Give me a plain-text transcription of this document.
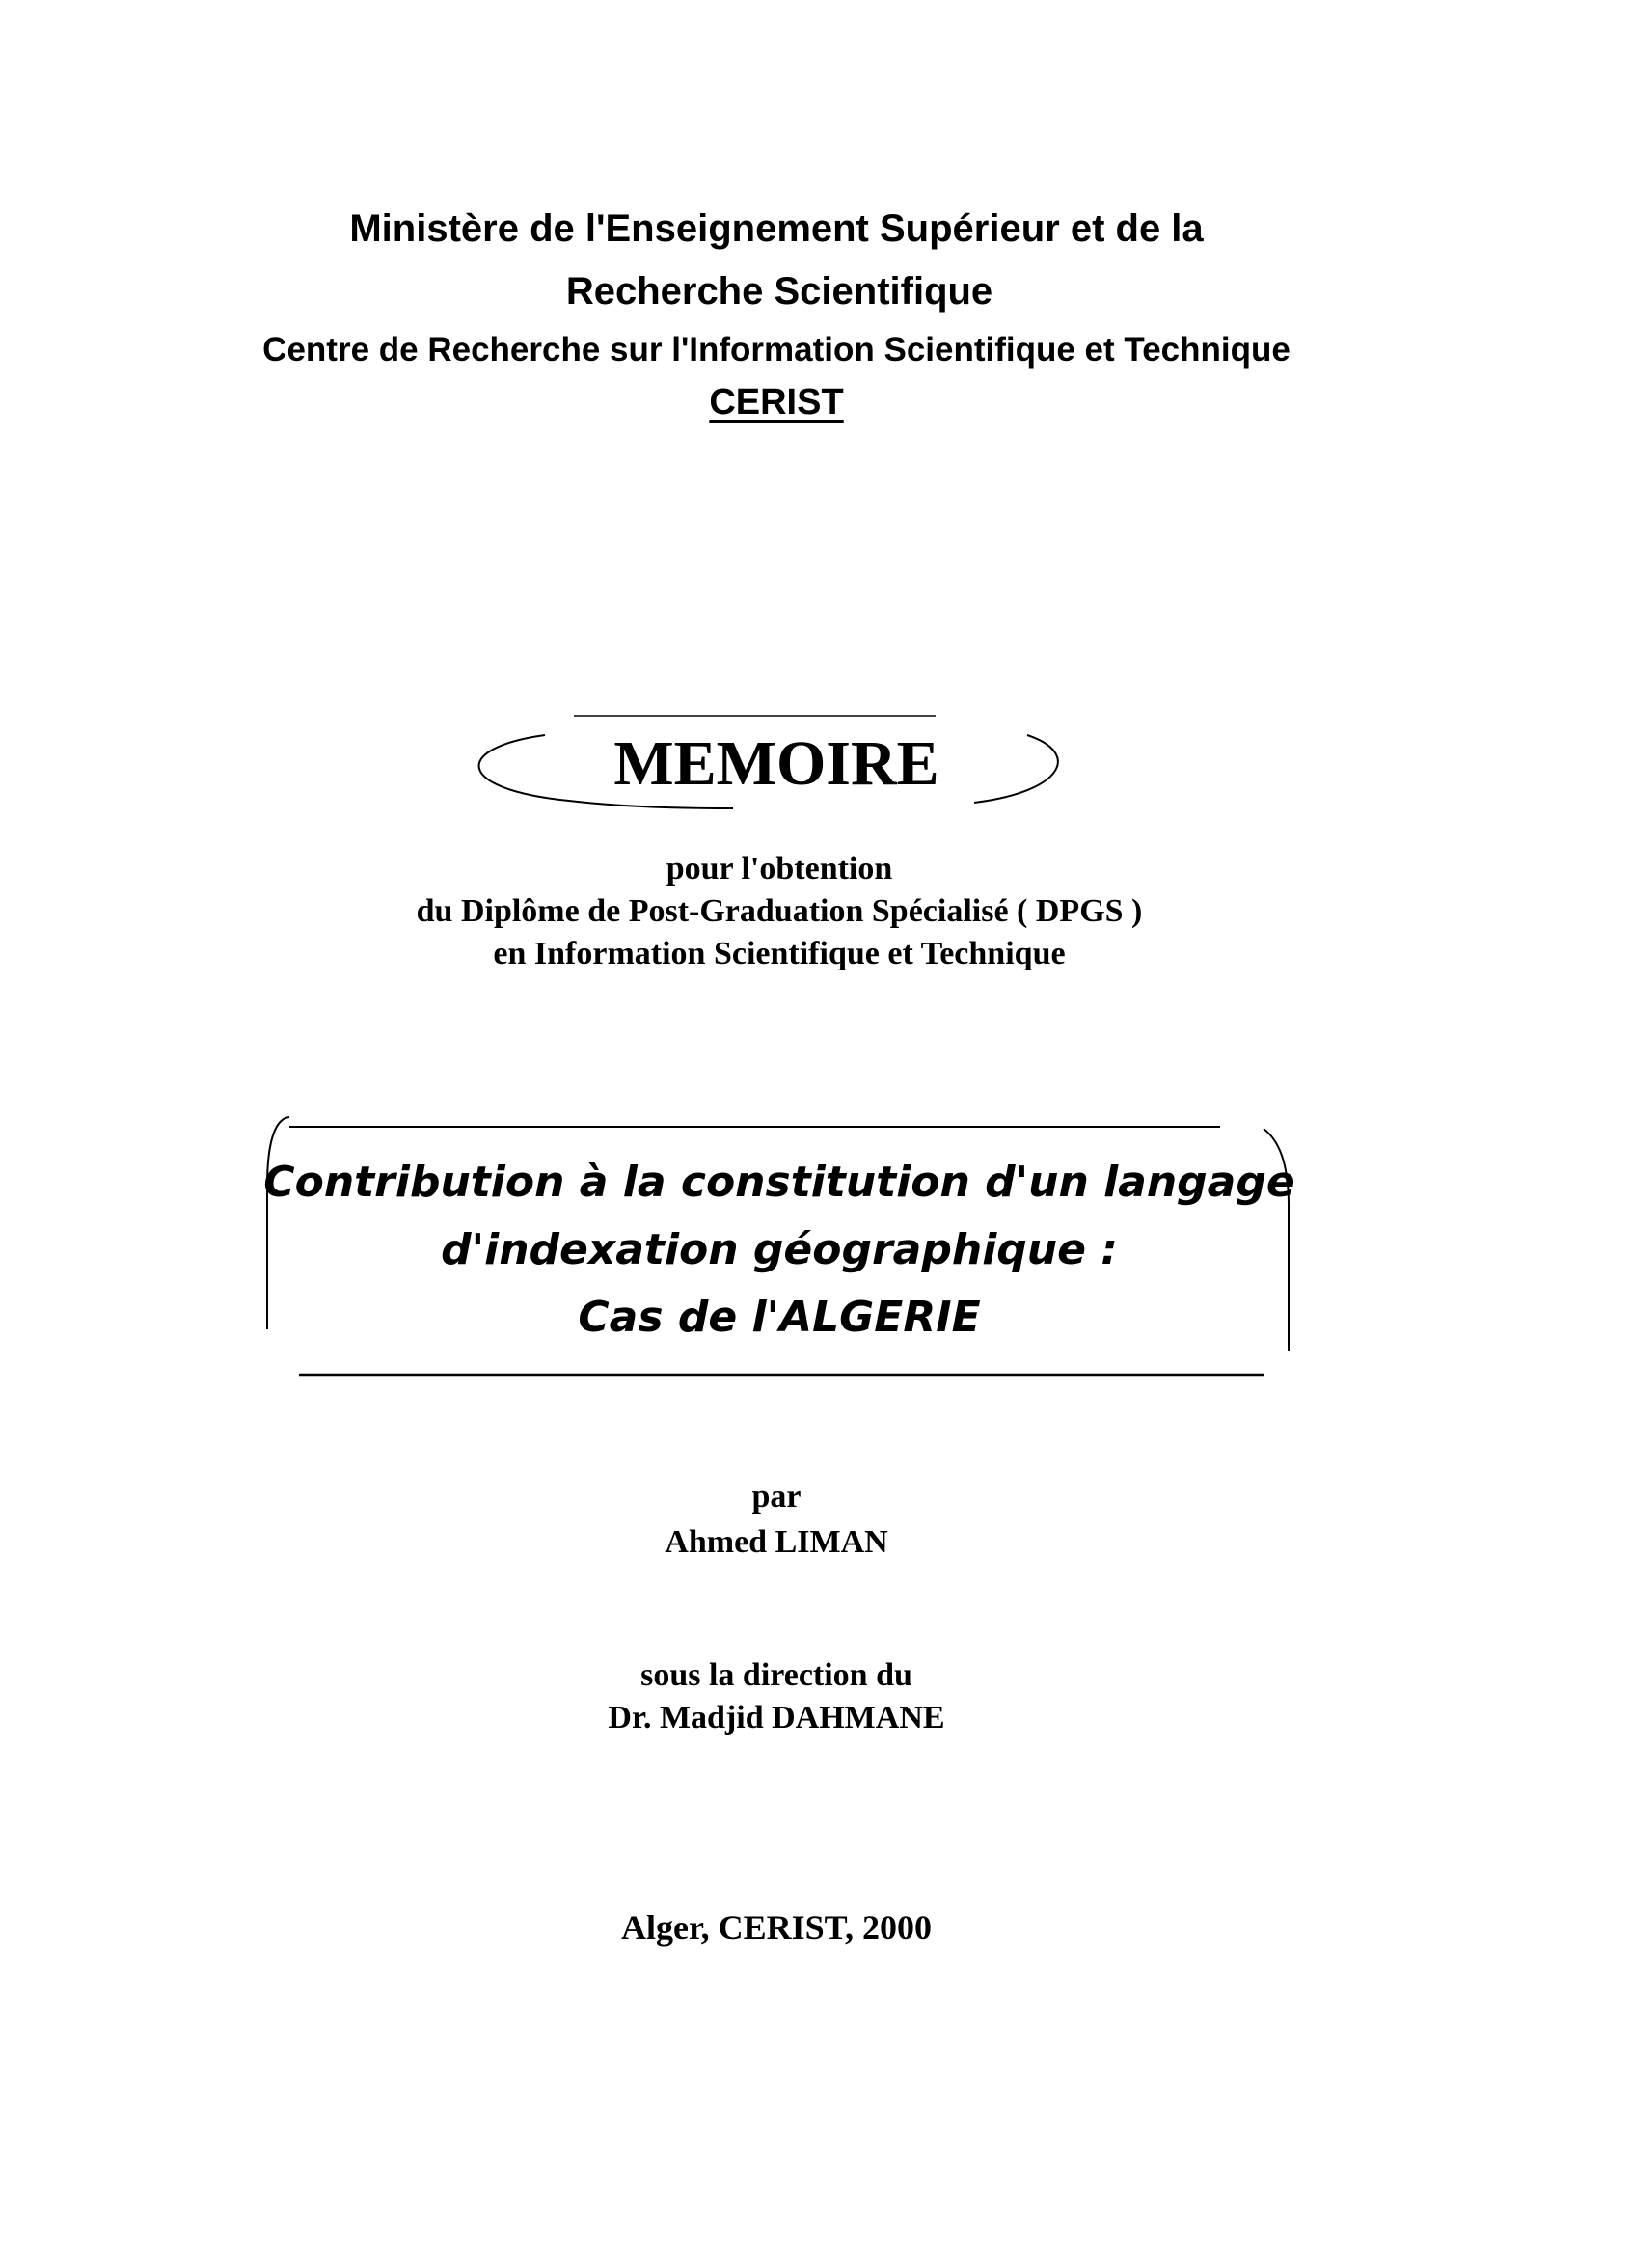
Ministère de l'Enseignement Supérieur et de la
Recherche Scientifique
Centre de Recherche sur l'Information Scientifique et Technique
CERIST
MEMOIRE
pour l'obtention
du Diplôme de Post-Graduation Spécialisé ( DPGS )
en Information Scientifique et Technique
Contribution à la constitution d'un langage
d'indexation géographique :
Cas de l'ALGERIE
par
Ahmed LIMAN
sous la direction du
Dr. Madjid DAHMANE
Alger, CERIST, 2000
